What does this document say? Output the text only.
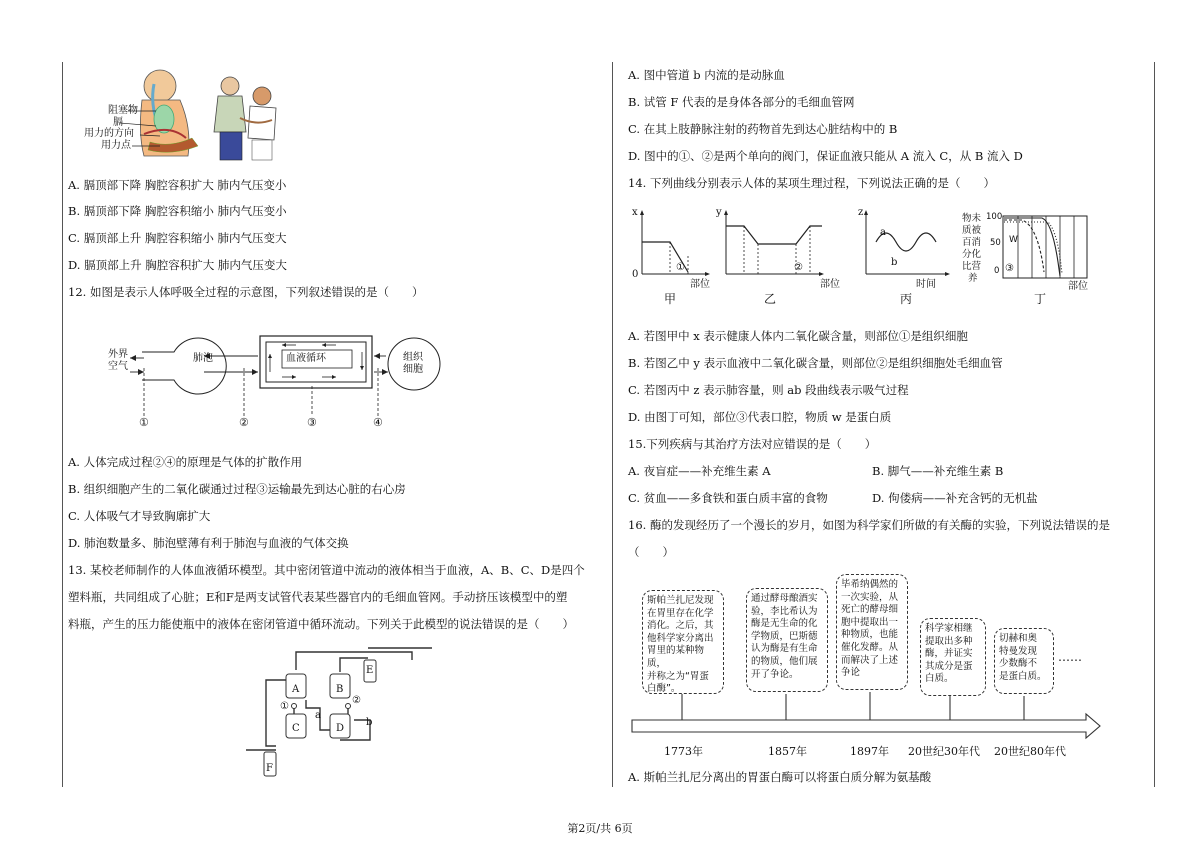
阻塞物
膈
用力的方向
用力点
A. 膈顶部下降 胸腔容积扩大 肺内气压变小
B. 膈顶部下降 胸腔容积缩小 肺内气压变小
C. 膈顶部上升 胸腔容积缩小 肺内气压变大
D. 膈顶部上升 胸腔容积扩大 肺内气压变大
12. 如图是表示人体呼吸全过程的示意图，下列叙述错误的是（　　）
外界
空气
肺泡	血液循环	组织
细胞
①	②	③	④
A. 人体完成过程②④的原理是气体的扩散作用
B. 组织细胞产生的二氧化碳通过过程③运输最先到达心脏的右心房
C. 人体吸气才导致胸廓扩大
D. 肺泡数量多、肺泡壁薄有利于肺泡与血液的气体交换
13. 某校老师制作的人体血液循环模型。其中密闭管道中流动的液体相当于血液，A、B、C、D是四个
塑料瓶，共同组成了心脏；E和F是两支试管代表某些器官内的毛细血管网。手动挤压该模型中的塑
料瓶，产生的压力能使瓶中的液体在密闭管道中循环流动。下列关于此模型的说法错误的是（　　）
A	B
C	D
E
F
a
b
①
②
A. 图中管道 b 内流的是动脉血
B. 试管 F 代表的是身体各部分的毛细血管网
C. 在其上肢静脉注射的药物首先到达心脏结构中的 B
D. 图中的①、②是两个单向的阀门，保证血液只能从 A 流入 C，从 B 流入 D
14. 下列曲线分别表示人体的某项生理过程，下列说法正确的是（　　）
x
0
①
部位
甲
y
②
部位
乙
z
a
b
时间
丙
物未
质被
百消
分化
比营
养
100
50
0
W
③
部位
丁
A. 若图甲中 x 表示健康人体内二氧化碳含量，则部位①是组织细胞
B. 若图乙中 y 表示血液中二氧化碳含量，则部位②是组织细胞处毛细血管
C. 若图丙中 z 表示肺容量，则 ab 段曲线表示吸气过程
D. 由图丁可知，部位③代表口腔，物质 w 是蛋白质
15.下列疾病与其治疗方法对应错误的是（　　）
A. 夜盲症——补充维生素 A	B. 脚气——补充维生素 B
C. 贫血——多食铁和蛋白质丰富的食物	D. 佝偻病——补充含钙的无机盐
16. 酶的发现经历了一个漫长的岁月，如图为科学家们所做的有关酶的实验，下列说法错误的是
（　　）
斯帕兰扎尼发现
在胃里存在化学
消化。之后，其
他科学家分离出
胃里的某种物质，
并称之为“胃蛋
白酶”。
通过酵母酿酒实
验，李比希认为
酶是无生命的化
学物质，巴斯德
认为酶是有生命
的物质，他们展
开了争论。
毕希纳偶然的
一次实验，从
死亡的酵母细
胞中提取出一
种物质，也能
催化发酵。从
而解决了上述
争论
科学家相继
提取出多种
酶，并证实
其成分是蛋
白质。
切赫和奥
特曼发现
少数酶不
是蛋白质。
……
1773年	1857年	1897年 20世纪30年代 20世纪80年代
A. 斯帕兰扎尼分离出的胃蛋白酶可以将蛋白质分解为氨基酸
第2页/共 6页
